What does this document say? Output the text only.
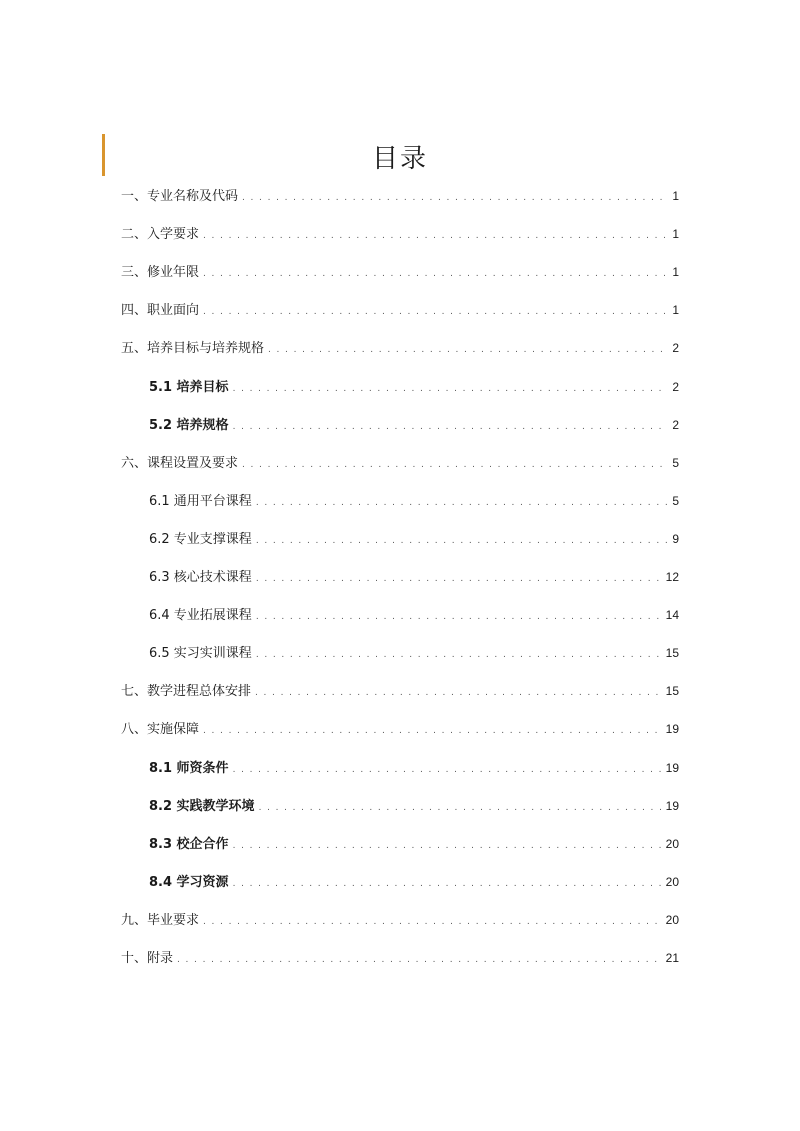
目录
一、专业名称及代码 . . .	1
二、入学要求 . . .	1
三、修业年限 . . .	1
四、职业面向 . . .	1
五、培养目标与培养规格 . . .	2
5.1 培养目标 . . .	2
5.2 培养规格 . . .	2
六、课程设置及要求 . . .	5
6.1 通用平台课程 . . .	5
6.2 专业支撑课程 . . .	9
6.3 核心技术课程 . . .	12
6.4 专业拓展课程 . . .	14
6.5 实习实训课程 . . .	15
七、教学进程总体安排 . . .	15
八、实施保障 . . .	19
8.1 师资条件 . . .	19
8.2 实践教学环境 . . .	19
8.3 校企合作 . . .	20
8.4 学习资源 . . .	20
九、毕业要求 . . .	20
十、附录 . . .	21
